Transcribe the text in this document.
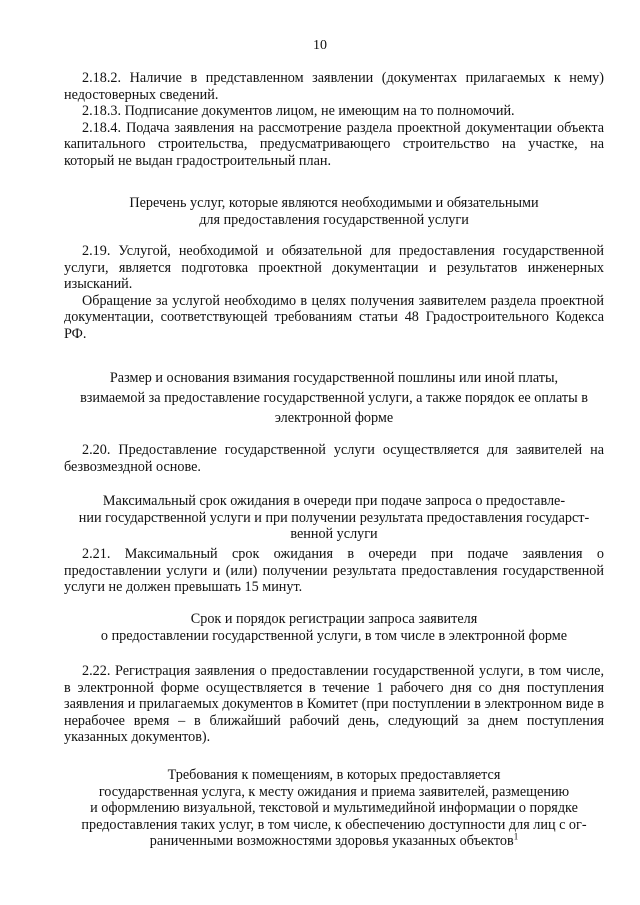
10

2.18.2. Наличие в представленном заявлении (документах прилагаемых к нему) недостоверных сведений.

2.18.3. Подписание документов лицом, не имеющим на то полномочий.

2.18.4. Подача заявления на рассмотрение раздела проектной документации объекта капитального строительства, предусматривающего строительство на участке, на который не выдан градостроительный план.

Перечень услуг, которые являются необходимыми и обязательными

для предоставления государственной услуги

2.19. Услугой, необходимой и обязательной для предоставления государственной услуги, является подготовка проектной документации и результатов инженерных изысканий.

Обращение за услугой необходимо в целях получения заявителем раздела проектной документации, соответствующей требованиям статьи 48 Градостроительного Кодекса РФ.

Размер и основания взимания государственной пошлины или иной платы,

взимаемой за предоставление государственной услуги, а также порядок ее оплаты в

электронной форме

2.20. Предоставление государственной услуги осуществляется для заявителей на безвозмездной основе.

Максимальный срок ожидания в очереди при подаче запроса о предоставле-

нии государственной услуги и при получении результата предоставления государст-

венной услуги

2.21. Максимальный срок ожидания в очереди при подаче заявления о предоставлении услуги и (или) получении результата предоставления государственной услуги не должен превышать 15 минут.

Срок и порядок регистрации запроса заявителя

о предоставлении государственной услуги, в том числе в электронной форме

2.22. Регистрация заявления о предоставлении государственной услуги, в том числе, в электронной форме осуществляется в течение 1 рабочего дня со дня поступления заявления и прилагаемых документов в Комитет (при поступлении в электронном виде в нерабочее время – в ближайший рабочий день, следующий за днем поступления указанных документов).

Требования к помещениям, в которых предоставляется

государственная услуга, к месту ожидания и приема заявителей, размещению

и оформлению визуальной, текстовой и мультимедийной информации о порядке

предоставления таких услуг, в том числе, к обеспечению доступности для лиц с ог-

раниченными возможностями здоровья указанных объектов$^1$
